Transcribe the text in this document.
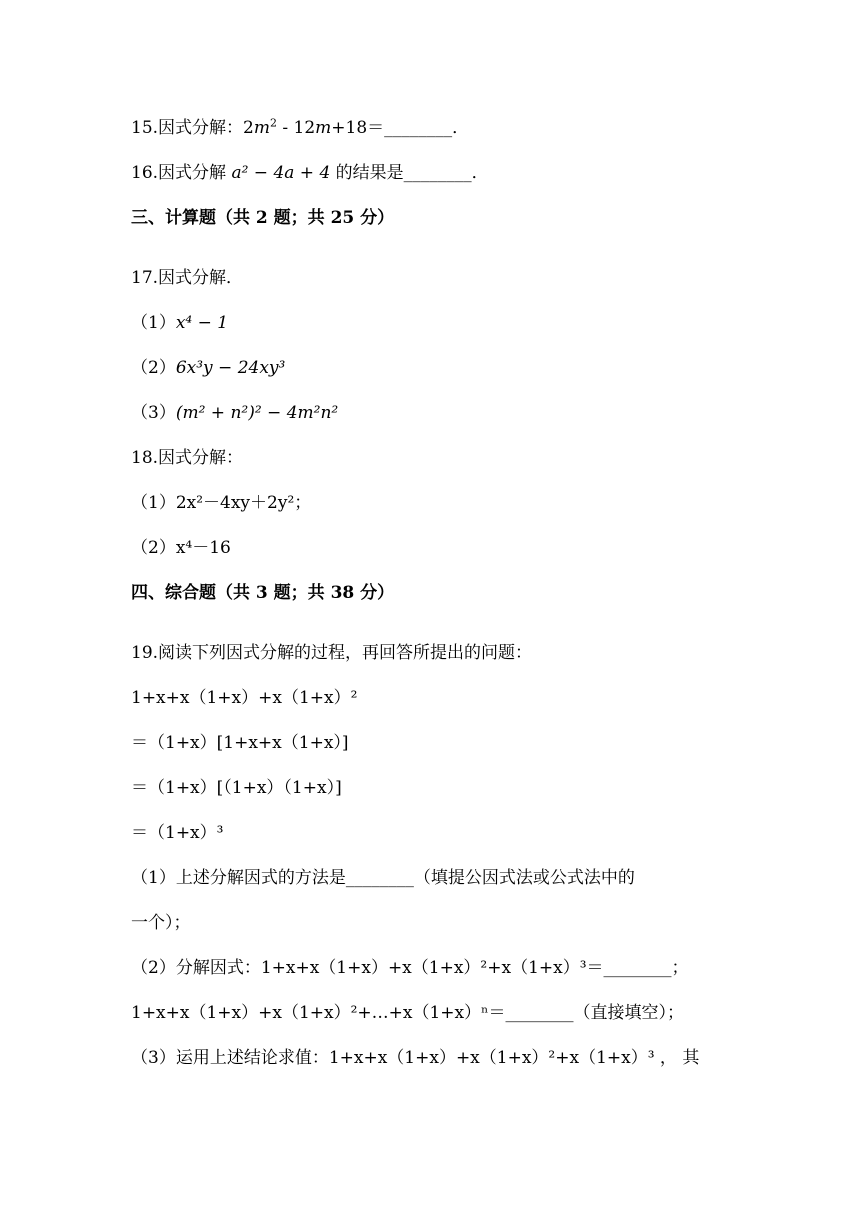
15.因式分解：$2m^2$ - 12m+18＝________．
16.因式分解 a² − 4a + 4 的结果是________．
三、计算题（共 2 题；共 25 分）
17.因式分解．
（1）x⁴ − 1
（2）6x³y − 24xy³
（3）(m² + n²)² − 4m²n²
18.因式分解：
（1）2x²－4xy＋2y²；
（2）x⁴－16
四、综合题（共 3 题；共 38 分）
19.阅读下列因式分解的过程，再回答所提出的问题：
1+x+x（1+x）+x（1+x）²
＝（1+x）[1+x+x（1+x）]
＝（1+x）[（1+x）（1+x）]
＝（1+x）³
（1）上述分解因式的方法是________（填提公因式法或公式法中的
一个）；
（2）分解因式：1+x+x（1+x）+x（1+x）²+x（1+x）³＝________；
1+x+x（1+x）+x（1+x）²+…+x（1+x）ⁿ＝________（直接填空）；
（3）运用上述结论求值：1+x+x（1+x）+x（1+x）²+x（1+x）³ ， 其
